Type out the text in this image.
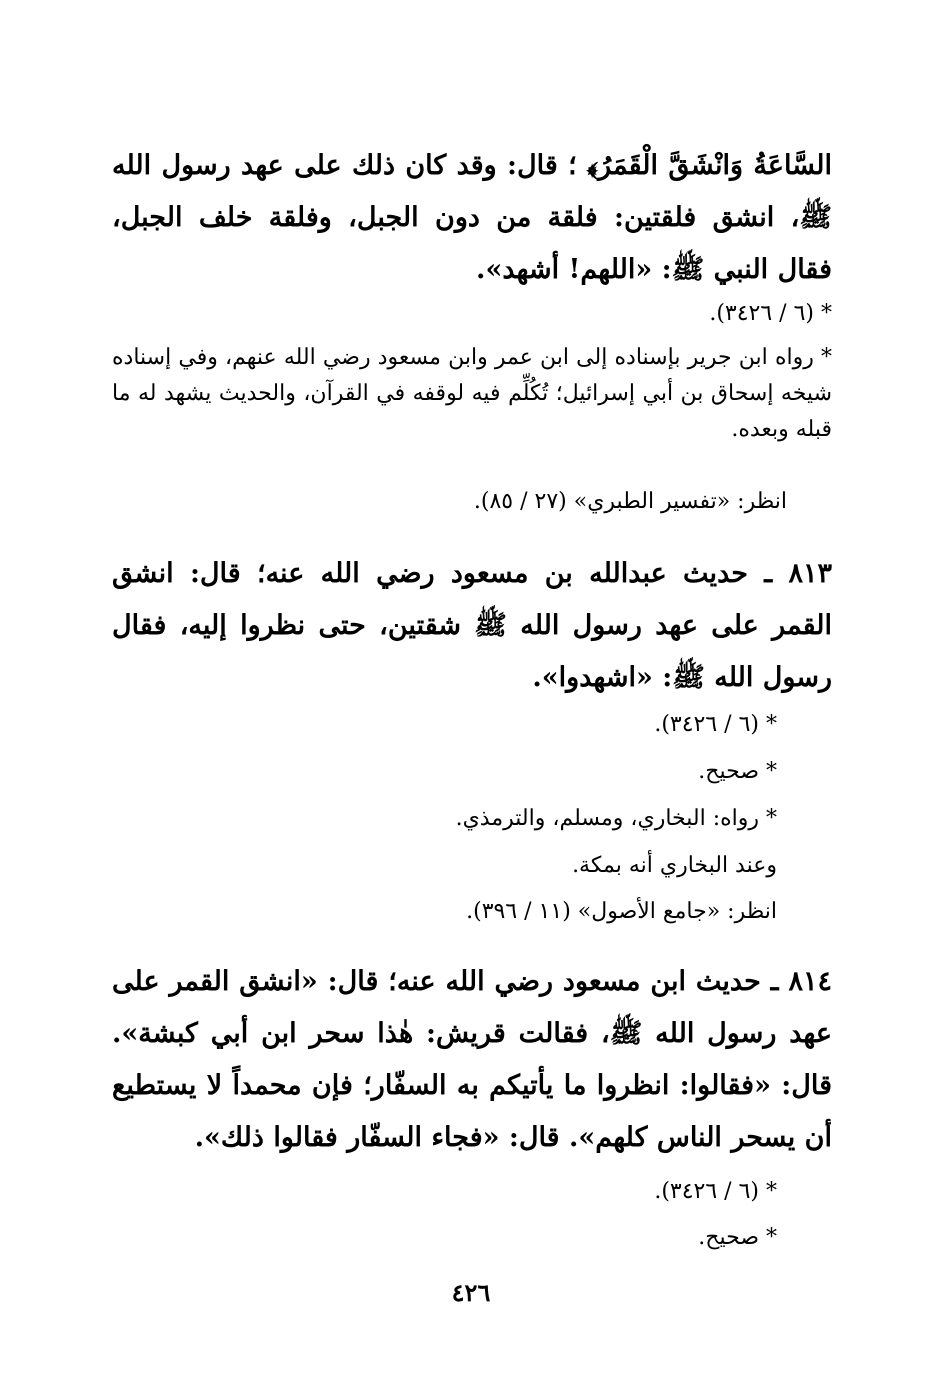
السَّاعَةُ وَانْشَقَّ الْقَمَرُ﴾ ؛ قال: وقد كان ذلك على عهد رسول الله ﷺ، انشق فلقتين: فلقة من دون الجبل، وفلقة خلف الجبل، فقال النبي ﷺ: «اللهم! أشهد».

* (٦ / ٣٤٢٦).

* رواه ابن جرير بإسناده إلى ابن عمر وابن مسعود رضي الله عنهم، وفي إسناده شيخه إسحاق بن أبي إسرائيل؛ تُكُلِّم فيه لوقفه في القرآن، والحديث يشهد له ما قبله وبعده.

انظر: «تفسير الطبري» (٢٧ / ٨٥).

٨١٣ ـ حديث عبدالله بن مسعود رضي الله عنه؛ قال: انشق القمر على عهد رسول الله ﷺ شقتين، حتى نظروا إليه، فقال رسول الله ﷺ: «اشهدوا».

* (٦ / ٣٤٢٦).

* صحيح.

* رواه: البخاري، ومسلم، والترمذي.

وعند البخاري أنه بمكة.

انظر: «جامع الأصول» (١١ / ٣٩٦).

٨١٤ ـ حديث ابن مسعود رضي الله عنه؛ قال: «انشق القمر على عهد رسول الله ﷺ، فقالت قريش: هٰذا سحر ابن أبي كبشة». قال: «فقالوا: انظروا ما يأتيكم به السفّار؛ فإن محمداً لا يستطيع أن يسحر الناس كلهم». قال: «فجاء السفّار فقالوا ذلك».

* (٦ / ٣٤٢٦).

* صحيح.

٤٢٦
